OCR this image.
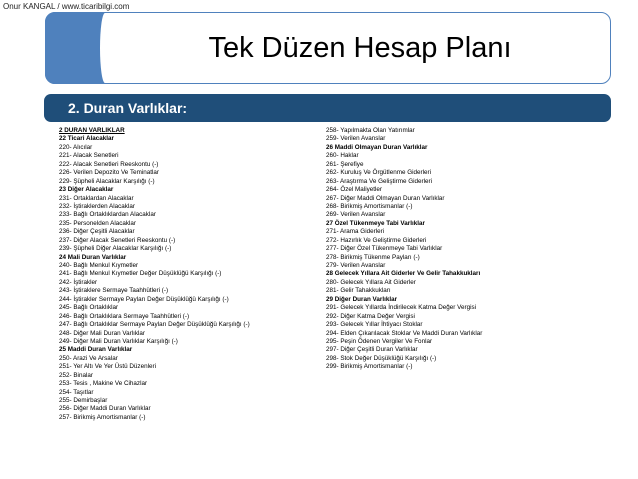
Onur KANGAL / www.ticaribilgi.com
Tek Düzen Hesap Planı
2. Duran Varlıklar:
2 DURAN VARLIKLAR
22 Ticari Alacaklar
220- Alıcılar
221- Alacak Senetleri
222- Alacak Senetleri Reeskontu (-)
226- Verilen Depozito Ve Teminatlar
229- Şüpheli Alacaklar Karşılığı (-)
23 Diğer Alacaklar
231- Ortaklardan Alacaklar
232- İştiraklerden Alacaklar
233- Bağlı Ortaklıklardan Alacaklar
235- Personelden Alacaklar
236- Diğer Çeşitli Alacaklar
237- Diğer Alacak Senetleri Reeskontu (-)
239- Şüpheli Diğer Alacaklar Karşılığı (-)
24 Mali Duran Varlıklar
240- Bağlı Menkul Kıymetler
241- Bağlı Menkul Kıymetler Değer Düşüklüğü Karşılığı (-)
242- İştirakler
243- İştiraklere Sermaye Taahhütleri (-)
244- İştirakler Sermaye Payları Değer Düşüklüğü Karşılığı (-)
245- Bağlı Ortaklıklar
246- Bağlı Ortaklıklara Sermaye Taahhütleri (-)
247- Bağlı Ortaklıklar Sermaye Payları Değer Düşüklüğü Karşılığı (-)
248- Diğer Mali Duran Varlıklar
249- Diğer Mali Duran Varlıklar Karşılığı (-)
25 Maddi Duran Varlıklar
250- Arazi Ve Arsalar
251- Yer Altı Ve Yer Üstü Düzenleri
252- Binalar
253- Tesis , Makine Ve Cihazlar
254- Taşıtlar
255- Demirbaşlar
256- Diğer Maddi Duran Varlıklar
257- Birikmiş Amortismanlar (-)
258- Yapılmakta Olan Yatırımlar
259- Verilen Avanslar
26 Maddi Olmayan Duran Varlıklar
260- Haklar
261- Şerefiye
262- Kuruluş Ve Örgütlenme Giderleri
263- Araştırma Ve Geliştirme Giderleri
264- Özel Maliyetler
267- Diğer Maddi Olmayan Duran Varlıklar
268- Birikmiş Amortismanlar (-)
269- Verilen Avanslar
27 Özel Tükenmeye Tabi Varlıklar
271- Arama Giderleri
272- Hazırlık Ve Geliştirme Giderleri
277- Diğer Özel Tükenmeye Tabi Varlıklar
278- Birikmiş Tükenme Payları (-)
279- Verilen Avanslar
28 Gelecek Yıllara Ait Giderler Ve Gelir Tahakkukları
280- Gelecek Yıllara Ait Giderler
281- Gelir Tahakkukları
29 Diğer Duran Varlıklar
291- Gelecek Yıllarda İndirilecek Katma Değer Vergisi
292- Diğer Katma Değer Vergisi
293- Gelecek Yıllar İhtiyacı Stoklar
294- Elden Çıkarılacak Stoklar Ve Maddi Duran Varlıklar
295- Peşin Ödenen Vergiler Ve Fonlar
297- Diğer Çeşitli Duran Varlıklar
298- Stok Değer Düşüklüğü Karşılığı (-)
299- Birikmiş Amortismanlar (-)
